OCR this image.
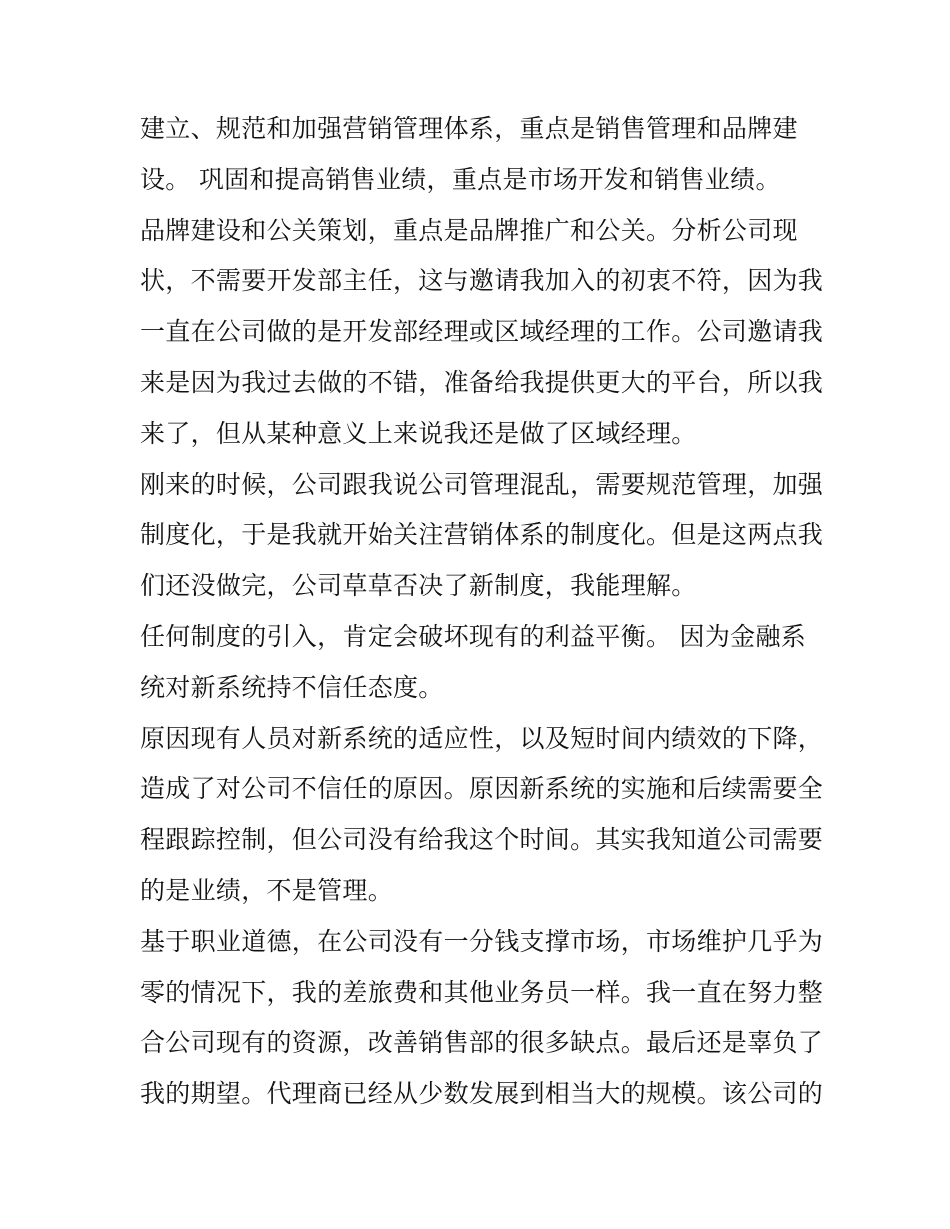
建立、规范和加强营销管理体系，重点是销售管理和品牌建
设。 巩固和提高销售业绩，重点是市场开发和销售业绩。
品牌建设和公关策划，重点是品牌推广和公关。分析公司现
状，不需要开发部主任，这与邀请我加入的初衷不符，因为我
一直在公司做的是开发部经理或区域经理的工作。公司邀请我
来是因为我过去做的不错，准备给我提供更大的平台，所以我
来了，但从某种意义上来说我还是做了区域经理。
刚来的时候，公司跟我说公司管理混乱，需要规范管理，加强
制度化，于是我就开始关注营销体系的制度化。但是这两点我
们还没做完，公司草草否决了新制度，我能理解。
任何制度的引入，肯定会破坏现有的利益平衡。 因为金融系
统对新系统持不信任态度。
原因现有人员对新系统的适应性，以及短时间内绩效的下降，
造成了对公司不信任的原因。原因新系统的实施和后续需要全
程跟踪控制，但公司没有给我这个时间。其实我知道公司需要
的是业绩，不是管理。
基于职业道德，在公司没有一分钱支撑市场，市场维护几乎为
零的情况下，我的差旅费和其他业务员一样。我一直在努力整
合公司现有的资源，改善销售部的很多缺点。最后还是辜负了
我的期望。代理商已经从少数发展到相当大的规模。该公司的
